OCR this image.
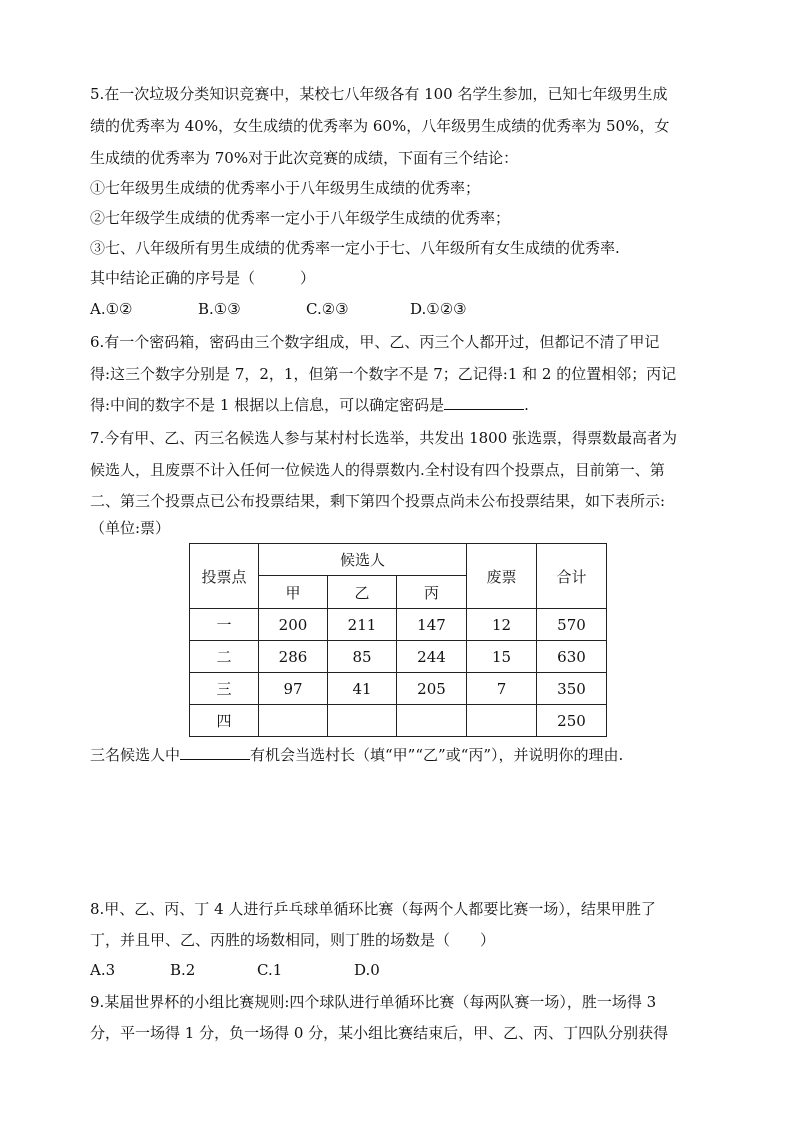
5.在一次垃圾分类知识竞赛中，某校七八年级各有 100 名学生参加，已知七年级男生成
绩的优秀率为 40%，女生成绩的优秀率为 60%，八年级男生成绩的优秀率为 50%，女
生成绩的优秀率为 70%对于此次竞赛的成绩，下面有三个结论：
①七年级男生成绩的优秀率小于八年级男生成绩的优秀率；
②七年级学生成绩的优秀率一定小于八年级学生成绩的优秀率；
③七、八年级所有男生成绩的优秀率一定小于七、八年级所有女生成绩的优秀率.
其中结论正确的序号是（　　　）
A.①②	B.①③	C.②③	D.①②③
6.有一个密码箱，密码由三个数字组成，甲、乙、丙三个人都开过，但都记不清了甲记
得:这三个数字分别是 7，2，1，但第一个数字不是 7；乙记得:1 和 2 的位置相邻；丙记
得:中间的数字不是 1 根据以上信息，可以确定密码是	.
7.今有甲、乙、丙三名候选人参与某村村长选举，共发出 1800 张选票，得票数最高者为
候选人，且废票不计入任何一位候选人的得票数内.全村设有四个投票点，目前第一、第
二、第三个投票点已公布投票结果，剩下第四个投票点尚未公布投票结果，如下表所示:
（单位:票）
投票点	候选人			废票	合计
	甲	乙	丙		
一	200	211	147	12	570
二	286	85	244	15	630
三	97	41	205	7	350
四					250
三名候选人中	有机会当选村长（填“甲”“乙”或“丙”），并说明你的理由.
8.甲、乙、丙、丁 4 人进行乒乓球单循环比赛（每两个人都要比赛一场），结果甲胜了
丁，并且甲、乙、丙胜的场数相同，则丁胜的场数是（　　）
A.3	B.2	C.1	D.0
9.某届世界杯的小组比赛规则:四个球队进行单循环比赛（每两队赛一场），胜一场得 3
分，平一场得 1 分，负一场得 0 分，某小组比赛结束后，甲、乙、丙、丁四队分别获得
